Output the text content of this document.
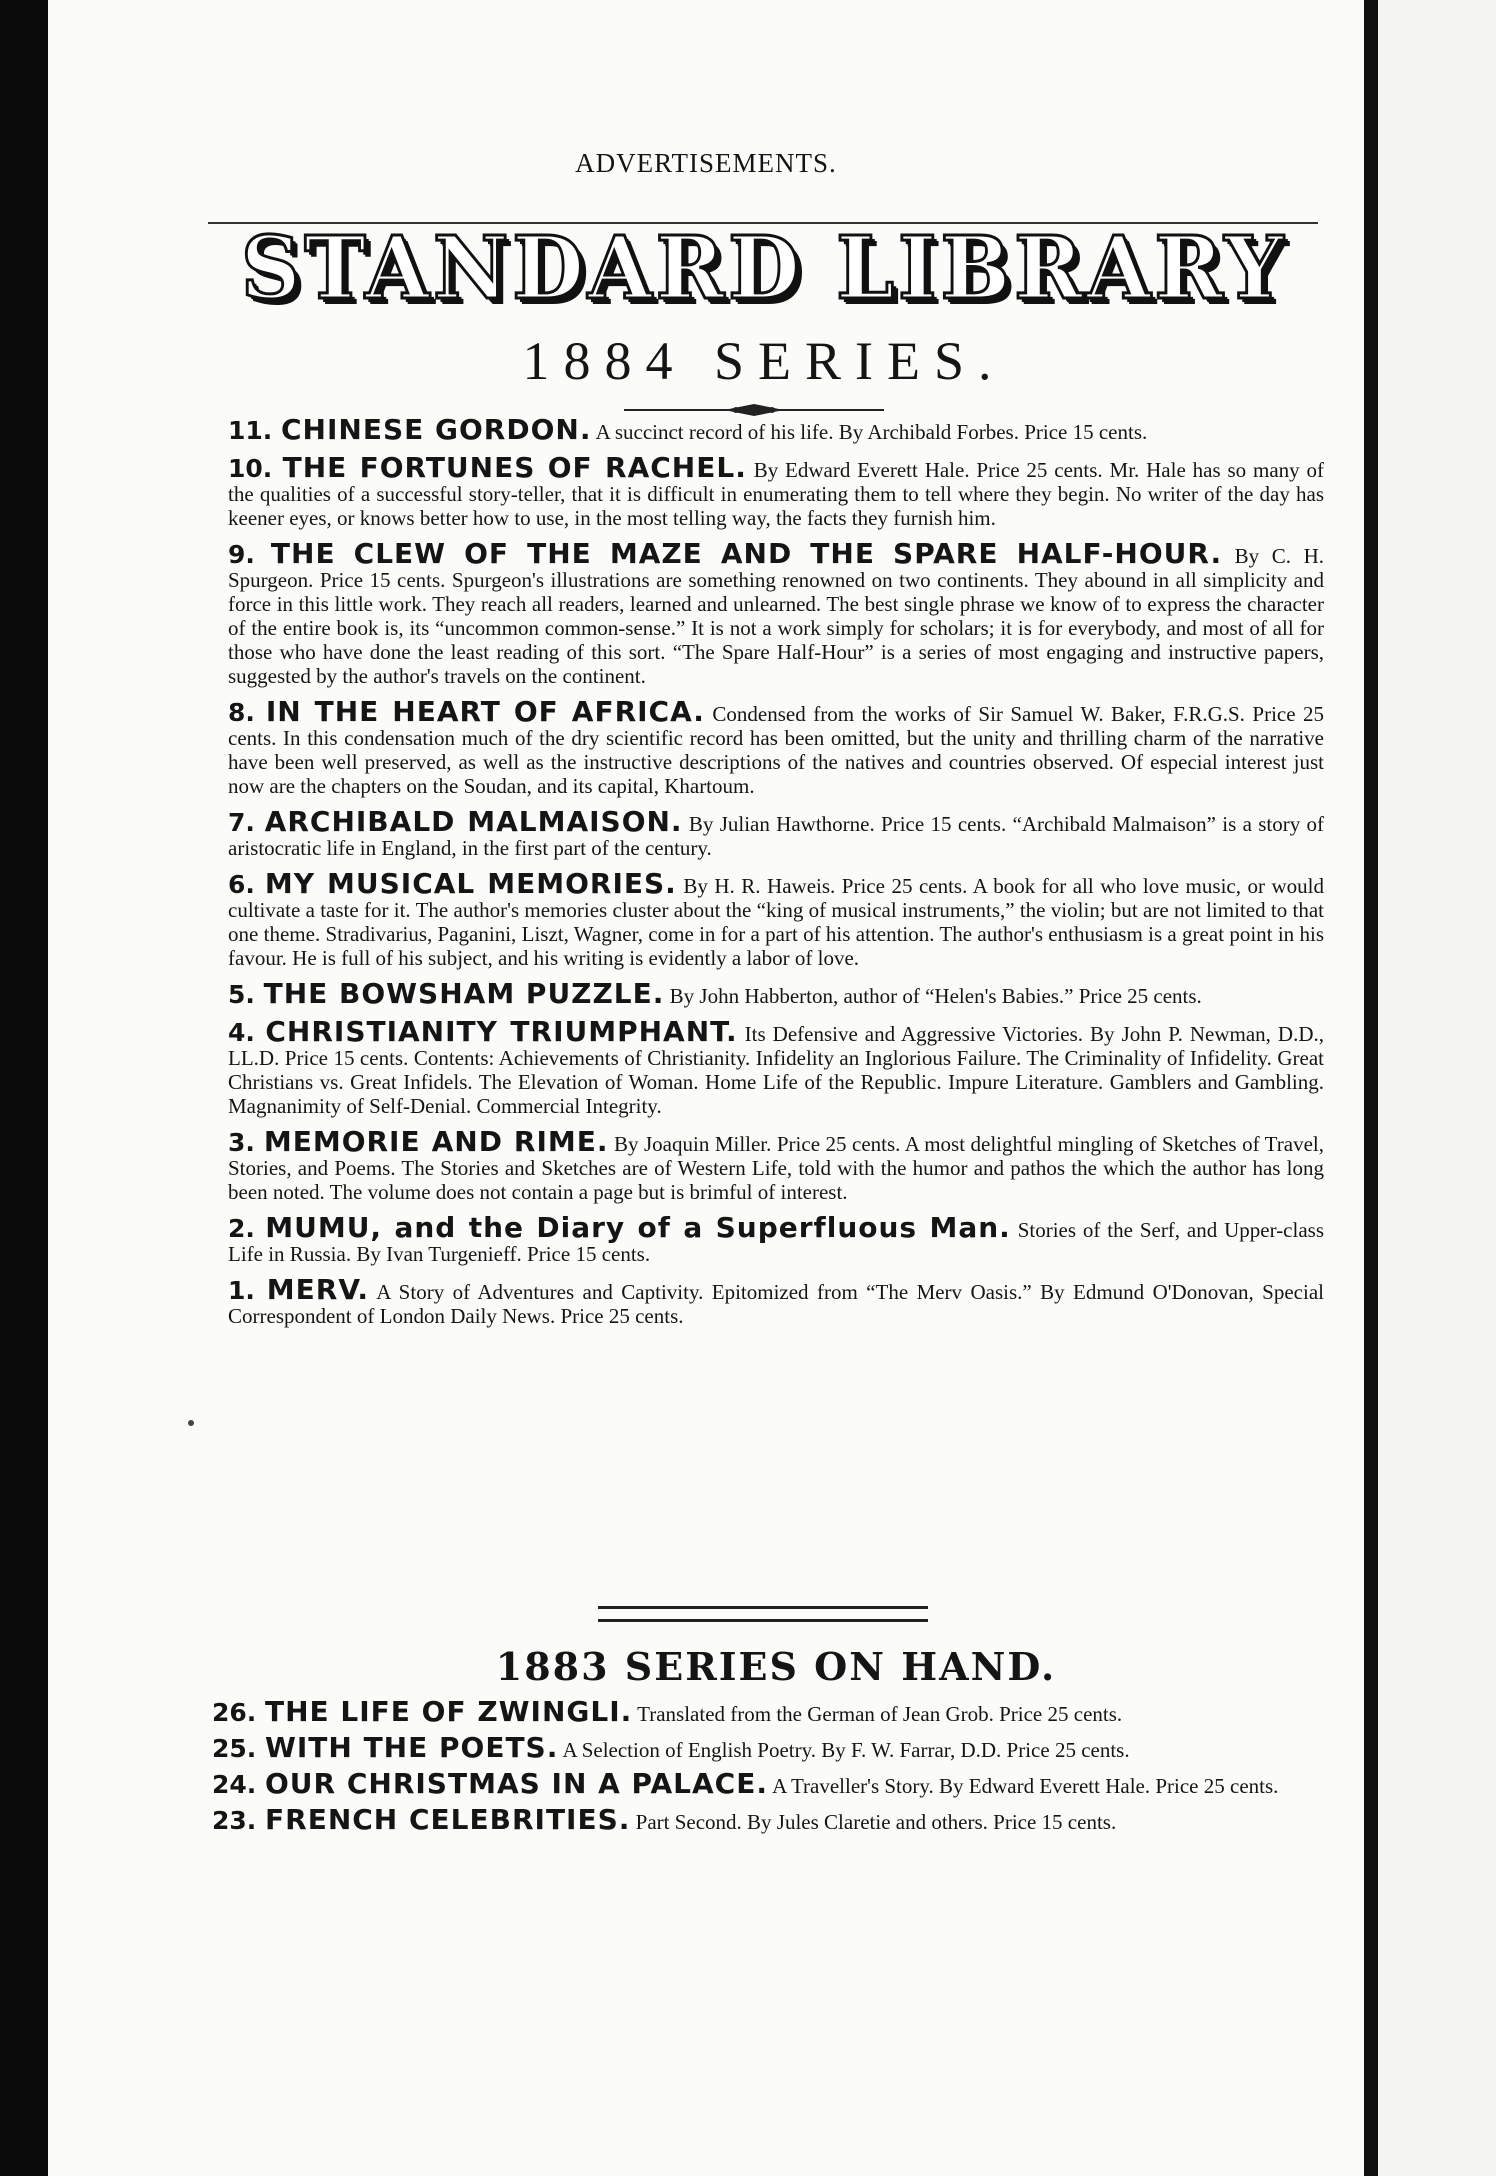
ADVERTISEMENTS.
STANDARD LIBRARY
1884 SERIES.
11. CHINESE GORDON. A succinct record of his life. By Archibald Forbes. Price 15 cents.
10. THE FORTUNES OF RACHEL. By Edward Everett Hale. Price 25 cents. Mr. Hale has so many of the qualities of a successful story-teller, that it is difficult in enumerating them to tell where they begin. No writer of the day has keener eyes, or knows better how to use, in the most telling way, the facts they furnish him.
9. THE CLEW OF THE MAZE AND THE SPARE HALF-HOUR. By C. H. Spurgeon. Price 15 cents. Spurgeon's illustrations are something renowned on two continents. They abound in all simplicity and force in this little work. They reach all readers, learned and unlearned. The best single phrase we know of to express the character of the entire book is, its “uncommon common-sense.” It is not a work simply for scholars; it is for everybody, and most of all for those who have done the least reading of this sort. “The Spare Half-Hour” is a series of most engaging and instructive papers, suggested by the author's travels on the continent.
8. IN THE HEART OF AFRICA. Condensed from the works of Sir Samuel W. Baker, F.R.G.S. Price 25 cents. In this condensation much of the dry scientific record has been omitted, but the unity and thrilling charm of the narrative have been well preserved, as well as the instructive descriptions of the natives and countries observed. Of especial interest just now are the chapters on the Soudan, and its capital, Khartoum.
7. ARCHIBALD MALMAISON. By Julian Hawthorne. Price 15 cents. “Archibald Malmaison” is a story of aristocratic life in England, in the first part of the century.
6. MY MUSICAL MEMORIES. By H. R. Haweis. Price 25 cents. A book for all who love music, or would cultivate a taste for it. The author's memories cluster about the “king of musical instruments,” the violin; but are not limited to that one theme. Stradivarius, Paganini, Liszt, Wagner, come in for a part of his attention. The author's enthusiasm is a great point in his favour. He is full of his subject, and his writing is evidently a labor of love.
5. THE BOWSHAM PUZZLE. By John Habberton, author of “Helen's Babies.” Price 25 cents.
4. CHRISTIANITY TRIUMPHANT. Its Defensive and Aggressive Victories. By John P. Newman, D.D., LL.D. Price 15 cents. Contents: Achievements of Christianity. Infidelity an Inglorious Failure. The Criminality of Infidelity. Great Christians vs. Great Infidels. The Elevation of Woman. Home Life of the Republic. Impure Literature. Gamblers and Gambling. Magnanimity of Self-Denial. Commercial Integrity.
3. MEMORIE AND RIME. By Joaquin Miller. Price 25 cents. A most delightful mingling of Sketches of Travel, Stories, and Poems. The Stories and Sketches are of Western Life, told with the humor and pathos the which the author has long been noted. The volume does not contain a page but is brimful of interest.
2. MUMU, and the Diary of a Superfluous Man. Stories of the Serf, and Upper-class Life in Russia. By Ivan Turgenieff. Price 15 cents.
1. MERV. A Story of Adventures and Captivity. Epitomized from “The Merv Oasis.” By Edmund O'Donovan, Special Correspondent of London Daily News. Price 25 cents.
1883 SERIES ON HAND.
26. THE LIFE OF ZWINGLI. Translated from the German of Jean Grob. Price 25 cents.
25. WITH THE POETS. A Selection of English Poetry. By F. W. Farrar, D.D. Price 25 cents.
24. OUR CHRISTMAS IN A PALACE. A Traveller's Story. By Edward Everett Hale. Price 25 cents.
23. FRENCH CELEBRITIES. Part Second. By Jules Claretie and others. Price 15 cents.
